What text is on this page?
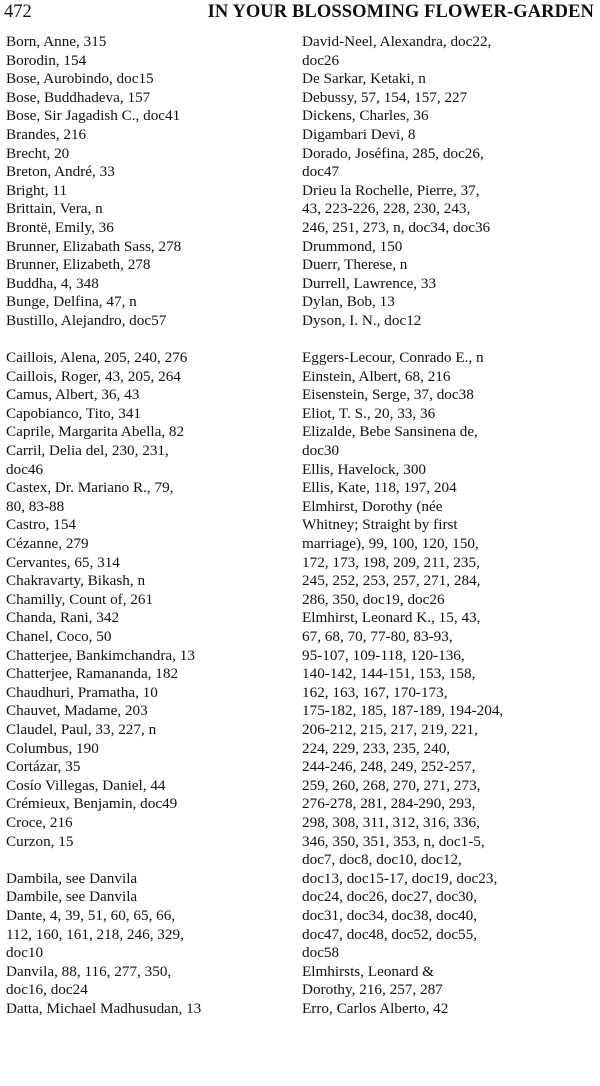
472	IN YOUR BLOSSOMING FLOWER-GARDEN
Born, Anne, 315
Borodin, 154
Bose, Aurobindo, doc15
Bose, Buddhadeva, 157
Bose, Sir Jagadish C., doc41
Brandes, 216
Brecht, 20
Breton, André, 33
Bright, 11
Brittain, Vera, n
Brontë, Emily, 36
Brunner, Elizabath Sass, 278
Brunner, Elizabeth, 278
Buddha, 4, 348
Bunge, Delfina, 47, n
Bustillo, Alejandro, doc57
Caillois, Alena, 205, 240, 276
Caillois, Roger, 43, 205, 264
Camus, Albert, 36, 43
Capobianco, Tito, 341
Caprile, Margarita Abella, 82
Carril, Delia del, 230, 231,
doc46
Castex, Dr. Mariano R., 79,
80, 83-88
Castro, 154
Cézanne, 279
Cervantes, 65, 314
Chakravarty, Bikash, n
Chamilly, Count of, 261
Chanda, Rani, 342
Chanel, Coco, 50
Chatterjee, Bankimchandra, 13
Chatterjee, Ramananda, 182
Chaudhuri, Pramatha, 10
Chauvet, Madame, 203
Claudel, Paul, 33, 227, n
Columbus, 190
Cortázar, 35
Cosío Villegas, Daniel, 44
Crémieux, Benjamin, doc49
Croce, 216
Curzon, 15
Dambila, see Danvila
Dambile, see Danvila
Dante, 4, 39, 51, 60, 65, 66,
112, 160, 161, 218, 246, 329,
doc10
Danvila, 88, 116, 277, 350,
doc16, doc24
Datta, Michael Madhusudan, 13
David-Neel, Alexandra, doc22,
doc26
De Sarkar, Ketaki, n
Debussy, 57, 154, 157, 227
Dickens, Charles, 36
Digambari Devi, 8
Dorado, Joséfina, 285, doc26,
doc47
Drieu la Rochelle, Pierre, 37,
43, 223-226, 228, 230, 243,
246, 251, 273, n, doc34, doc36
Drummond, 150
Duerr, Therese, n
Durrell, Lawrence, 33
Dylan, Bob, 13
Dyson, I. N., doc12
Eggers-Lecour, Conrado E., n
Einstein, Albert, 68, 216
Eisenstein, Serge, 37, doc38
Eliot, T. S., 20, 33, 36
Elizalde, Bebe Sansinena de,
doc30
Ellis, Havelock, 300
Ellis, Kate, 118, 197, 204
Elmhirst, Dorothy (née
Whitney; Straight by first
marriage), 99, 100, 120, 150,
172, 173, 198, 209, 211, 235,
245, 252, 253, 257, 271, 284,
286, 350, doc19, doc26
Elmhirst, Leonard K., 15, 43,
67, 68, 70, 77-80, 83-93,
95-107, 109-118, 120-136,
140-142, 144-151, 153, 158,
162, 163, 167, 170-173,
175-182, 185, 187-189, 194-204,
206-212, 215, 217, 219, 221,
224, 229, 233, 235, 240,
244-246, 248, 249, 252-257,
259, 260, 268, 270, 271, 273,
276-278, 281, 284-290, 293,
298, 308, 311, 312, 316, 336,
346, 350, 351, 353, n, doc1-5,
doc7, doc8, doc10, doc12,
doc13, doc15-17, doc19, doc23,
doc24, doc26, doc27, doc30,
doc31, doc34, doc38, doc40,
doc47, doc48, doc52, doc55,
doc58
Elmhirsts, Leonard &
Dorothy, 216, 257, 287
Erro, Carlos Alberto, 42
